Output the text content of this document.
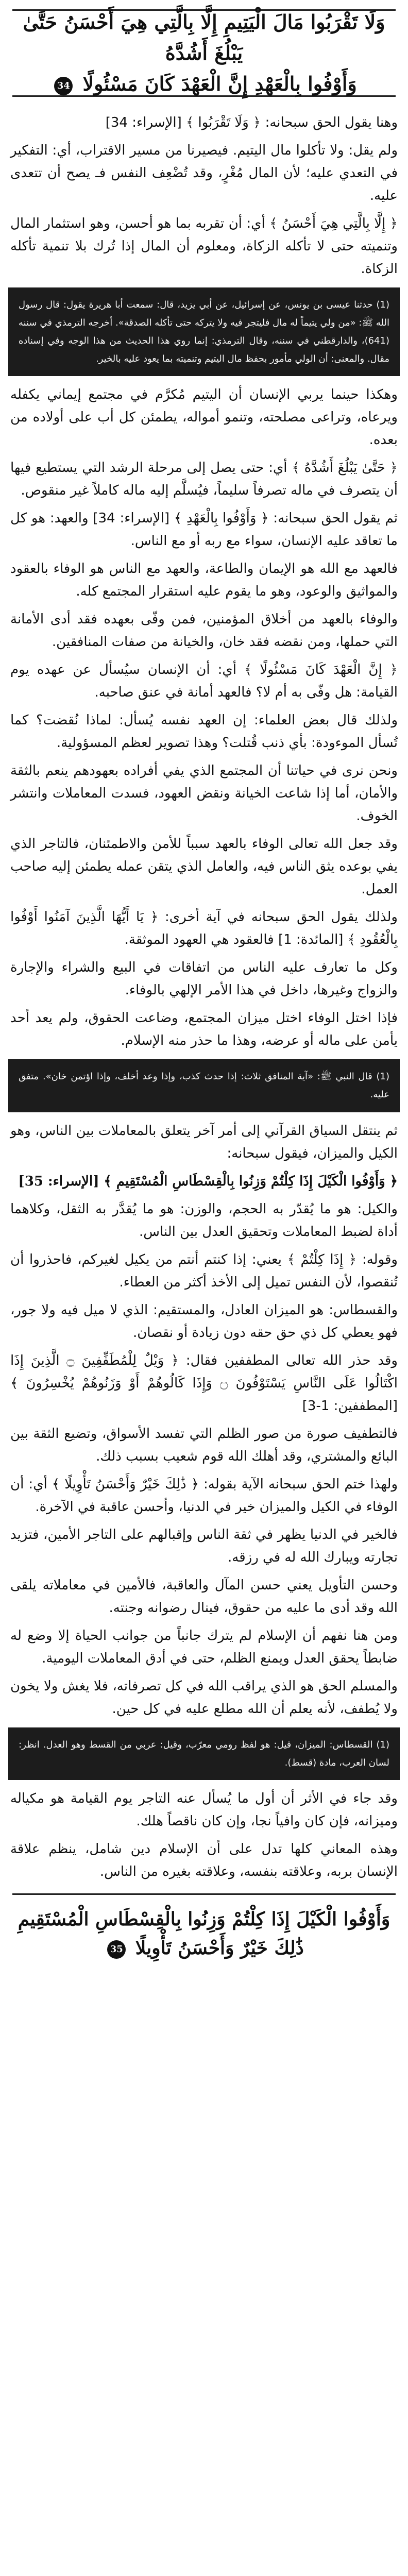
وَلَا تَقْرَبُوا مَالَ الْيَتِيمِ إِلَّا بِالَّتِي هِيَ أَحْسَنُ حَتَّىٰ يَبْلُغَ أَشُدَّهُ
وَأَوْفُوا بِالْعَهْدِ إِنَّ الْعَهْدَ كَانَ مَسْئُولًا 34

وهنا يقول الحق سبحانه: ﴿ وَلَا تَقْرَبُوا ﴾ [الإسراء: 34]

ولم يقل: ولا تأكلوا مال اليتيم. فيصيرنا من مسير الاقتراب، أي: التفكير في التعدي عليه؛ لأن المال مُغْرٍ، وقد تُضْعِف النفس فـ يصح أن تتعدى عليه.

﴿ إِلَّا بِالَّتِي هِيَ أَحْسَنُ ﴾ أي: أن تقربه بما هو أحسن، وهو استثمار المال وتنميته حتى لا تأكله الزكاة، ومعلوم أن المال إذا تُرك بلا تنمية تأكله الزكاة.

(1) حدثنا عيسى بن يونس، عن إسرائيل، عن أبي يزيد، قال: سمعت أبا هريرة يقول: قال رسول الله ﷺ: «من ولي يتيماً له مال فليتجر فيه ولا يتركه حتى تأكله الصدقة». أخرجه الترمذي في سننه (641)، والدارقطني في سننه، وقال الترمذي: إنما روي هذا الحديث من هذا الوجه وفي إسناده مقال. والمعنى: أن الولي مأمور بحفظ مال اليتيم وتنميته بما يعود عليه بالخير.

وهكذا حينما يربي الإنسان أن اليتيم مُكرَّم في مجتمع إيماني يكفله ويرعاه، وتراعى مصلحته، وتنمو أمواله، يطمئن كل أب على أولاده من بعده.

﴿ حَتَّىٰ يَبْلُغَ أَشُدَّهُ ﴾ أي: حتى يصل إلى مرحلة الرشد التي يستطيع فيها أن يتصرف في ماله تصرفاً سليماً، فيُسلَّم إليه ماله كاملاً غير منقوص.

ثم يقول الحق سبحانه: ﴿ وَأَوْفُوا بِالْعَهْدِ ﴾ [الإسراء: 34] والعهد: هو كل ما تعاقد عليه الإنسان، سواء مع ربه أو مع الناس.

فالعهد مع الله هو الإيمان والطاعة، والعهد مع الناس هو الوفاء بالعقود والمواثيق والوعود، وهو ما يقوم عليه استقرار المجتمع كله.

والوفاء بالعهد من أخلاق المؤمنين، فمن وفّى بعهده فقد أدى الأمانة التي حملها، ومن نقضه فقد خان، والخيانة من صفات المنافقين.

﴿ إِنَّ الْعَهْدَ كَانَ مَسْئُولًا ﴾ أي: أن الإنسان سيُسأل عن عهده يوم القيامة: هل وفّى به أم لا؟ فالعهد أمانة في عنق صاحبه.

ولذلك قال بعض العلماء: إن العهد نفسه يُسأل: لماذا نُقضت؟ كما تُسأل الموءودة: بأي ذنب قُتلت؟ وهذا تصوير لعظم المسؤولية.

ونحن نرى في حياتنا أن المجتمع الذي يفي أفراده بعهودهم ينعم بالثقة والأمان، أما إذا شاعت الخيانة ونقض العهود، فسدت المعاملات وانتشر الخوف.

وقد جعل الله تعالى الوفاء بالعهد سبباً للأمن والاطمئنان، فالتاجر الذي يفي بوعده يثق الناس فيه، والعامل الذي يتقن عمله يطمئن إليه صاحب العمل.

ولذلك يقول الحق سبحانه في آية أخرى: ﴿ يَا أَيُّهَا الَّذِينَ آمَنُوا أَوْفُوا بِالْعُقُودِ ﴾ [المائدة: 1] فالعقود هي العهود الموثقة.

وكل ما تعارف عليه الناس من اتفاقات في البيع والشراء والإجارة والزواج وغيرها، داخل في هذا الأمر الإلهي بالوفاء.

فإذا اختل الوفاء اختل ميزان المجتمع، وضاعت الحقوق، ولم يعد أحد يأمن على ماله أو عرضه، وهذا ما حذر منه الإسلام.

(1) قال النبي ﷺ: «آية المنافق ثلاث: إذا حدث كذب، وإذا وعد أخلف، وإذا اؤتمن خان». متفق عليه.

ثم ينتقل السياق القرآني إلى أمر آخر يتعلق بالمعاملات بين الناس، وهو الكيل والميزان، فيقول سبحانه:

﴿ وَأَوْفُوا الْكَيْلَ إِذَا كِلْتُمْ وَزِنُوا بِالْقِسْطَاسِ الْمُسْتَقِيمِ ﴾ [الإسراء: 35]

والكيل: هو ما يُقدّر به الحجم، والوزن: هو ما يُقدَّر به الثقل، وكلاهما أداة لضبط المعاملات وتحقيق العدل بين الناس.

وقوله: ﴿ إِذَا كِلْتُمْ ﴾ يعني: إذا كنتم أنتم من يكيل لغيركم، فاحذروا أن تُنقصوا، لأن النفس تميل إلى الأخذ أكثر من العطاء.

والقسطاس: هو الميزان العادل، والمستقيم: الذي لا ميل فيه ولا جور، فهو يعطي كل ذي حق حقه دون زيادة أو نقصان.

وقد حذر الله تعالى المطففين فقال: ﴿ وَيْلٌ لِلْمُطَفِّفِينَ ۝ الَّذِينَ إِذَا اكْتَالُوا عَلَى النَّاسِ يَسْتَوْفُونَ ۝ وَإِذَا كَالُوهُمْ أَوْ وَزَنُوهُمْ يُخْسِرُونَ ﴾ [المطففين: 1-3]

فالتطفيف صورة من صور الظلم التي تفسد الأسواق، وتضيع الثقة بين البائع والمشتري، وقد أهلك الله قوم شعيب بسبب ذلك.

ولهذا ختم الحق سبحانه الآية بقوله: ﴿ ذَٰلِكَ خَيْرٌ وَأَحْسَنُ تَأْوِيلًا ﴾ أي: أن الوفاء في الكيل والميزان خير في الدنيا، وأحسن عاقبة في الآخرة.

فالخير في الدنيا يظهر في ثقة الناس وإقبالهم على التاجر الأمين، فتزيد تجارته ويبارك الله له في رزقه.

وحسن التأويل يعني حسن المآل والعاقبة، فالأمين في معاملاته يلقى الله وقد أدى ما عليه من حقوق، فينال رضوانه وجنته.

ومن هنا نفهم أن الإسلام لم يترك جانباً من جوانب الحياة إلا وضع له ضابطاً يحقق العدل ويمنع الظلم، حتى في أدق المعاملات اليومية.

والمسلم الحق هو الذي يراقب الله في كل تصرفاته، فلا يغش ولا يخون ولا يُطفف، لأنه يعلم أن الله مطلع عليه في كل حين.

(1) القسطاس: الميزان، قيل: هو لفظ رومي معرّب، وقيل: عربي من القسط وهو العدل. انظر: لسان العرب، مادة (قسط).

وقد جاء في الأثر أن أول ما يُسأل عنه التاجر يوم القيامة هو مكياله وميزانه، فإن كان وافياً نجا، وإن كان ناقصاً هلك.

وهذه المعاني كلها تدل على أن الإسلام دين شامل، ينظم علاقة الإنسان بربه، وعلاقته بنفسه، وعلاقته بغيره من الناس.

وَأَوْفُوا الْكَيْلَ إِذَا كِلْتُمْ وَزِنُوا بِالْقِسْطَاسِ الْمُسْتَقِيمِ
ذَٰلِكَ خَيْرٌ وَأَحْسَنُ تَأْوِيلًا 35
